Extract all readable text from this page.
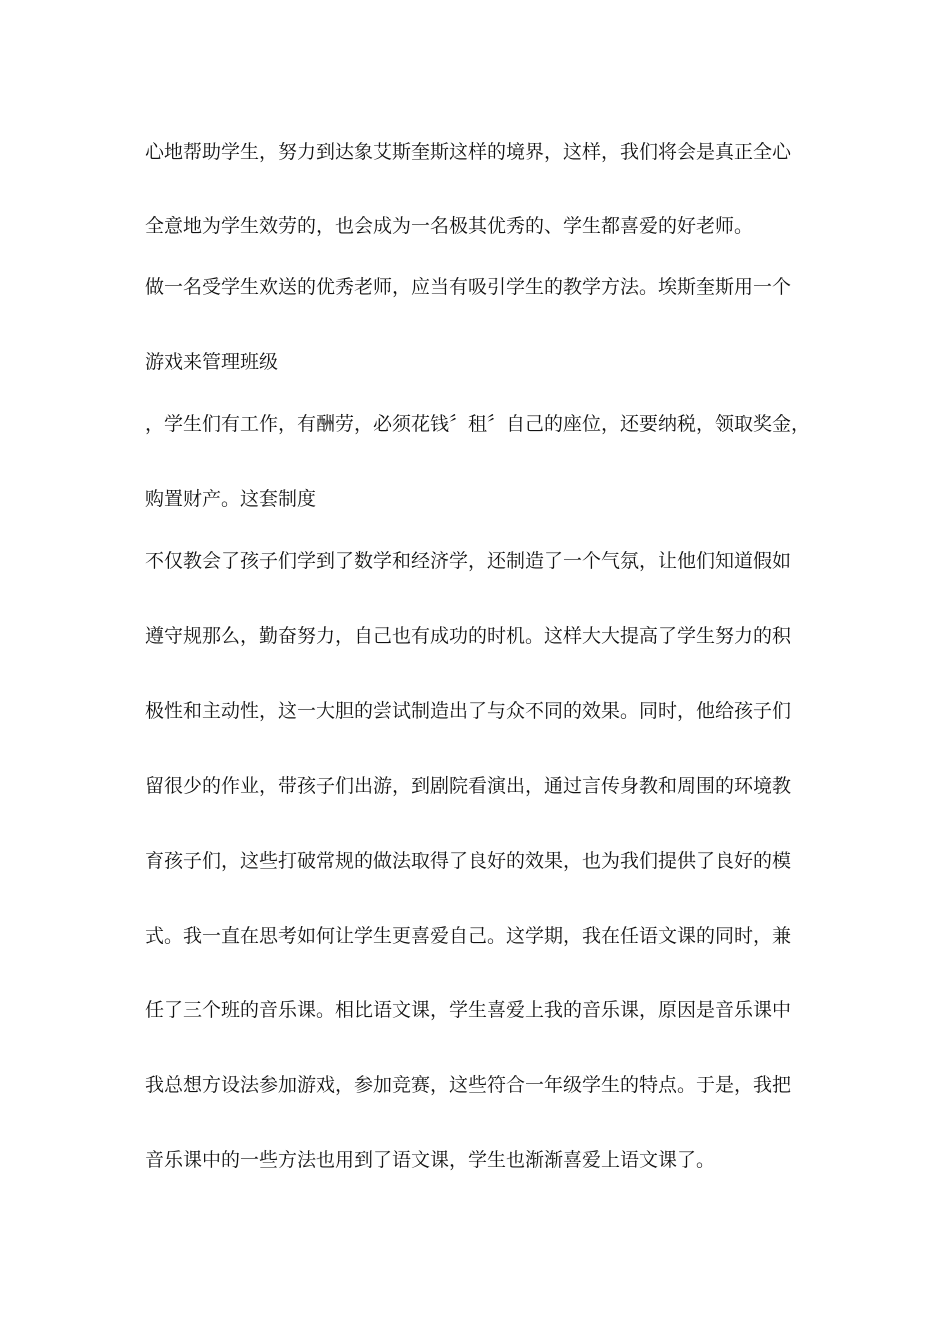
心地帮助学生，努力到达象艾斯奎斯这样的境界，这样，我们将会是真正全心
全意地为学生效劳的，也会成为一名极其优秀的、学生都喜爱的好老师。
做一名受学生欢送的优秀老师，应当有吸引学生的教学方法。埃斯奎斯用一个
游戏来管理班级
，学生们有工作，有酬劳，必须花钱〞租〞自己的座位，还要纳税，领取奖金，
购置财产。这套制度
不仅教会了孩子们学到了数学和经济学，还制造了一个气氛，让他们知道假如
遵守规那么，勤奋努力，自己也有成功的时机。这样大大提高了学生努力的积
极性和主动性，这一大胆的尝试制造出了与众不同的效果。同时，他给孩子们
留很少的作业，带孩子们出游，到剧院看演出，通过言传身教和周围的环境教
育孩子们，这些打破常规的做法取得了良好的效果，也为我们提供了良好的模
式。我一直在思考如何让学生更喜爱自己。这学期，我在任语文课的同时，兼
任了三个班的音乐课。相比语文课，学生喜爱上我的音乐课，原因是音乐课中
我总想方设法参加游戏，参加竞赛，这些符合一年级学生的特点。于是，我把
音乐课中的一些方法也用到了语文课，学生也渐渐喜爱上语文课了。
